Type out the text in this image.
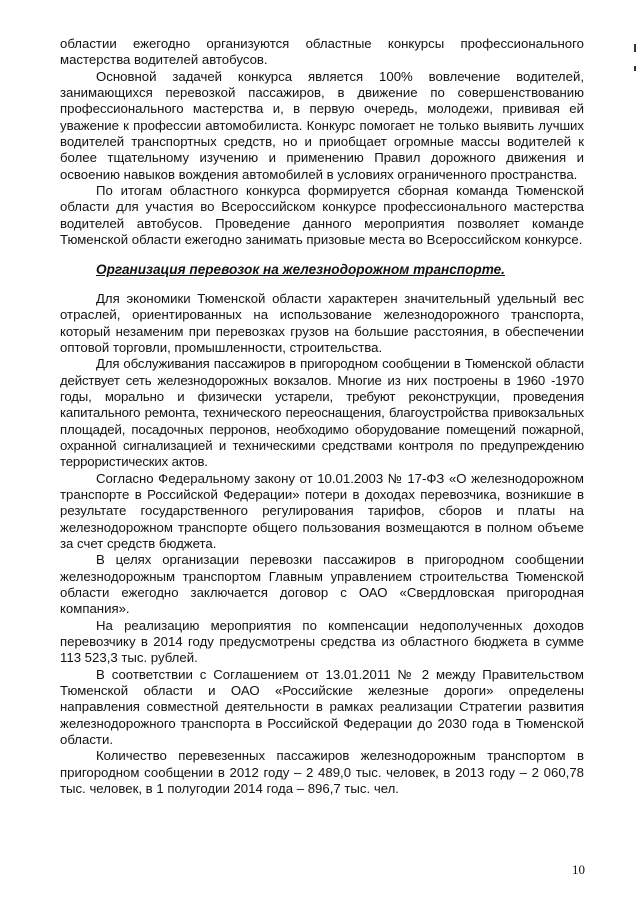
областии ежегодно организуются областные конкурсы профессионального мастерства водителей автобусов.

Основной задачей конкурса является 100% вовлечение водителей, занимающихся перевозкой пассажиров, в движение по совершенствованию профессионального мастерства и, в первую очередь, молодежи, прививая ей уважение к профессии автомобилиста. Конкурс помогает не только выявить лучших водителей транспортных средств, но и приобщает огромные массы водителей к более тщательному изучению и применению Правил дорожного движения и освоению навыков вождения автомобилей в условиях ограниченного пространства.

По итогам областного конкурса формируется сборная команда Тюменской области для участия во Всероссийском конкурсе профессионального мастерства водителей автобусов. Проведение данного мероприятия позволяет команде Тюменской области ежегодно занимать призовые места во Всероссийском конкурсе.

Организация перевозок на железнодорожном транспорте.

Для экономики Тюменской области характерен значительный удельный вес отраслей, ориентированных на использование железнодорожного транспорта, который незаменим при перевозках грузов на большие расстояния, в обеспечении оптовой торговли, промышленности, строительства.

Для обслуживания пассажиров в пригородном сообщении в Тюменской области действует сеть железнодорожных вокзалов. Многие из них построены в 1960 -1970 годы, морально и физически устарели, требуют реконструкции, проведения капитального ремонта, технического переоснащения, благоустройства привокзальных площадей, посадочных перронов, необходимо оборудование помещений пожарной, охранной сигнализацией и техническими средствами контроля по предупреждению террористических актов.

Согласно Федеральному закону от 10.01.2003 № 17-ФЗ «О железнодорожном транспорте в Российской Федерации» потери в доходах перевозчика, возникшие в результате государственного регулирования тарифов, сборов и платы на железнодорожном транспорте общего пользования возмещаются в полном объеме за счет средств бюджета.

В целях организации перевозки пассажиров в пригородном сообщении железнодорожным транспортом Главным управлением строительства Тюменской области ежегодно заключается договор с ОАО «Свердловская пригородная компания».

На реализацию мероприятия по компенсации недополученных доходов перевозчику в 2014 году предусмотрены средства из областного бюджета в сумме 113 523,3 тыс. рублей.

В соответствии с Соглашением от 13.01.2011 № 2 между Правительством Тюменской области и ОАО «Российские железные дороги» определены направления совместной деятельности в рамках реализации Стратегии развития железнодорожного транспорта в Российской Федерации до 2030 года в Тюменской области.

Количество перевезенных пассажиров железнодорожным транспортом в пригородном сообщении в 2012 году – 2 489,0 тыс. человек, в 2013 году – 2 060,78 тыс. человек, в 1 полугодии 2014 года – 896,7 тыс. чел.

10
